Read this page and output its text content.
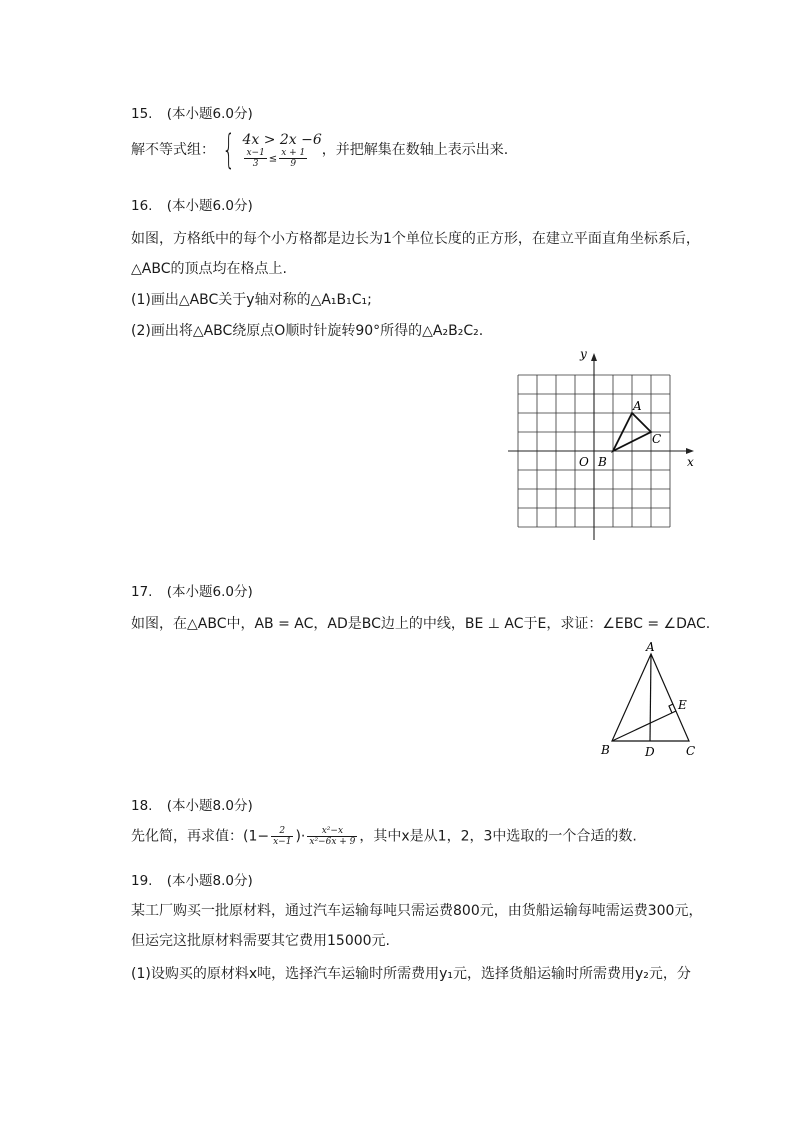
15. (本小题6.0分)
解不等式组： { 4x > 2x −6
$\frac{x-1}{3} \le \frac{x + 1}{9}$ ，并把解集在数轴上表示出来.
16. (本小题6.0分)
如图，方格纸中的每个小方格都是边长为1个单位长度的正方形，在建立平面直角坐标系后，
△ABC的顶点均在格点上.
(1)画出△ABC关于y轴对称的△A₁B₁C₁;
(2)画出将△ABC绕原点O顺时针旋转90°所得的△A₂B₂C₂.
y
x
O B
A
C
17. (本小题6.0分)
如图，在△ABC中，AB = AC，AD是BC边上的中线，BE ⊥ AC于E，求证：∠EBC = ∠DAC.
A
B	C
D
E
18. (本小题8.0分)
先化简，再求值：($1- \frac{2}{x-1}$ )· $\frac{\text{x²−x}}{\text{x²−6x + 9}}$ ，其中x是从1，2，3中选取的一个合适的数.
19. (本小题8.0分)
某工厂购买一批原材料，通过汽车运输每吨只需运费800元，由货船运输每吨需运费300元，
但运完这批原材料需要其它费用15000元.
(1)设购买的原材料x吨，选择汽车运输时所需费用y₁元，选择货船运输时所需费用y₂元，分
